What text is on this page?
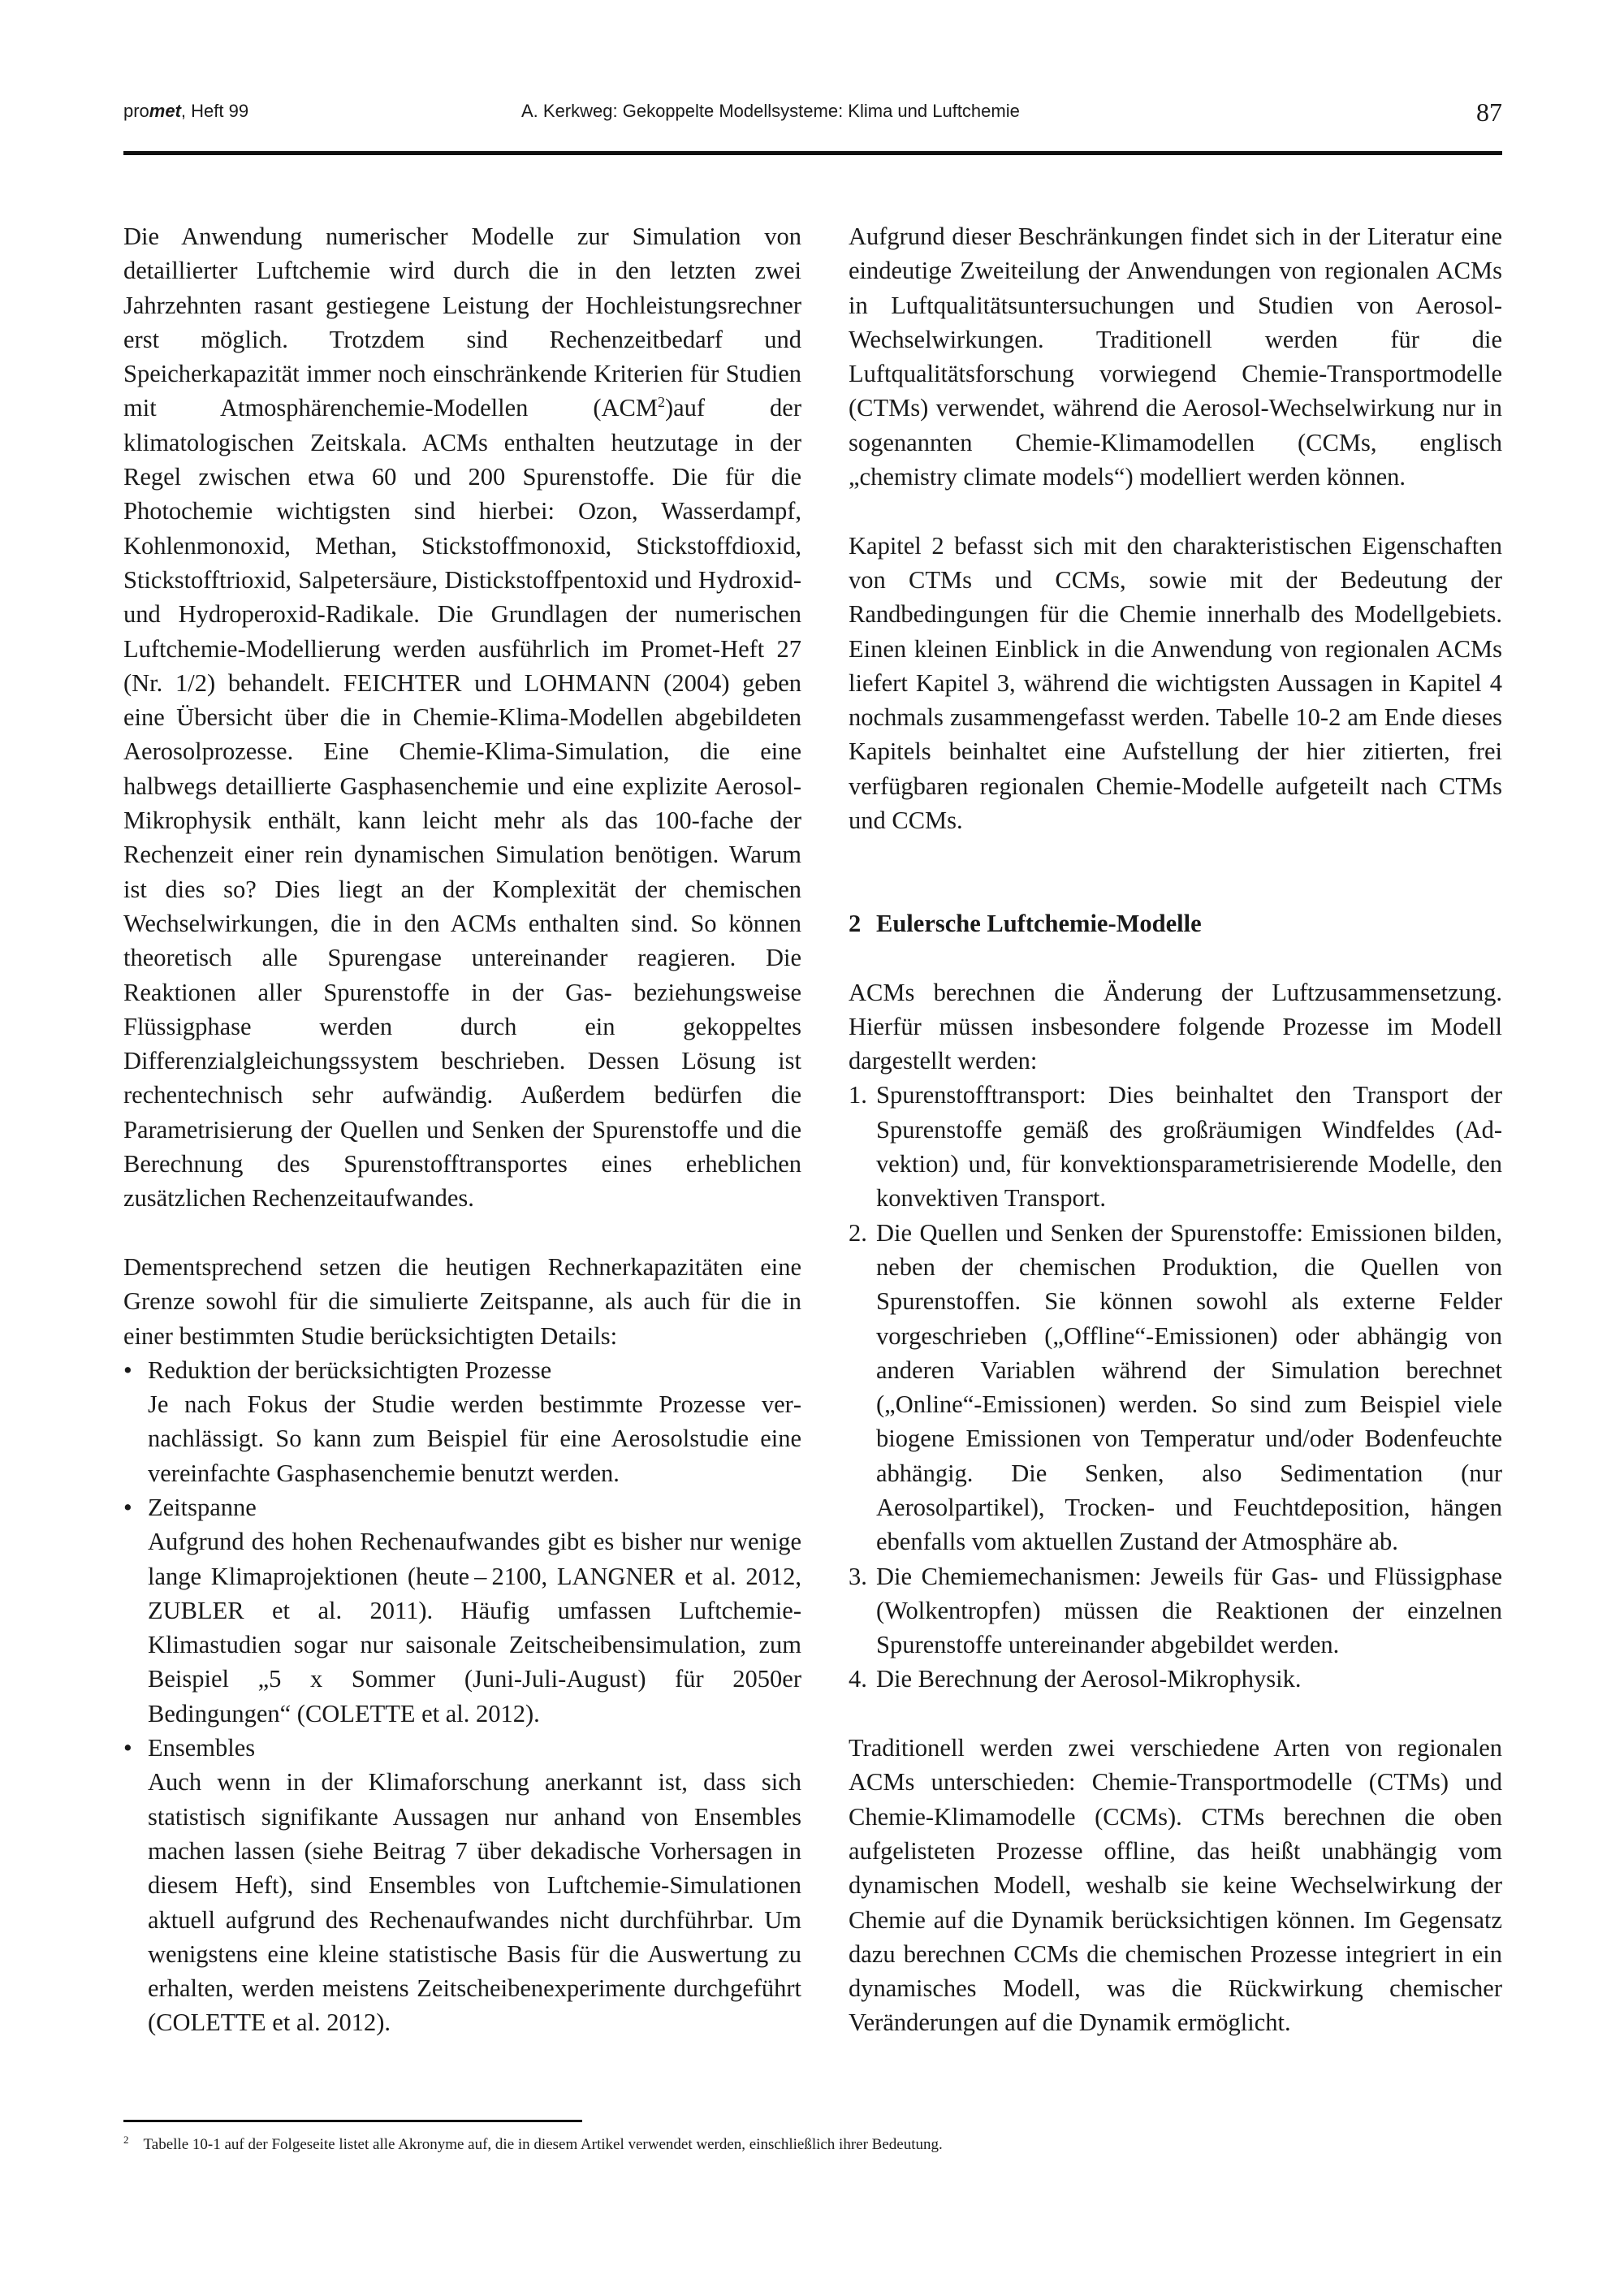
promet, Heft 99	A. Kerkweg: Gekoppelte Modellsysteme: Klima und Luftchemie	87

Die Anwendung numerischer Modelle zur Simulation von detaillierter Luftchemie wird durch die in den letzten zwei Jahrzehnten rasant gestiegene Leistung der Hochleistungsrechner erst möglich. Trotzdem sind Rechenzeitbedarf und Speicherkapazität immer noch einschränkende Kriterien für Studien mit Atmosphärenchemie-Modellen (ACM$^2$)auf der klimatologischen Zeitskala. ACMs enthalten heutzutage in der Regel zwischen etwa 60 und 200 Spurenstoffe. Die für die Photochemie wichtigsten sind hierbei: Ozon, Wasserdampf, Kohlenmonoxid, Methan, Stickstoffmonoxid, Stickstoffdioxid, Stickstofftrioxid, Salpetersäure, Distickstoffpentoxid und Hydroxid- und Hydroperoxid-Radikale. Die Grundlagen der numerischen Luftchemie-Modellierung werden ausführlich im Promet-Heft 27 (Nr. 1/2) behandelt. FEICHTER und LOHMANN (2004) geben eine Übersicht über die in Chemie-Klima-Modellen abgebildeten Aerosolprozesse. Eine Chemie-Klima-Simulation, die eine halbwegs detaillierte Gasphasenchemie und eine explizite Aerosol-Mikrophysik enthält, kann leicht mehr als das 100-fache der Rechenzeit einer rein dynamischen Simulation benötigen. Warum ist dies so? Dies liegt an der Komplexität der chemischen Wechselwirkungen, die in den ACMs enthalten sind. So können theoretisch alle Spurengase untereinander reagieren. Die Reaktionen aller Spurenstoffe in der Gas- beziehungsweise Flüssigphase werden durch ein gekoppeltes Differenzialgleichungssystem beschrieben. Dessen Lösung ist rechentechnisch sehr aufwändig. Außerdem bedürfen die Parametrisierung der Quellen und Senken der Spurenstoffe und die Berechnung des Spurenstofftransportes eines erheblichen zusätzlichen Rechenzeitaufwandes.

Dementsprechend setzen die heutigen Rechnerkapazitäten eine Grenze sowohl für die simulierte Zeitspanne, als auch für die in einer bestimmten Studie berücksichtigten Details:

• Reduktion der berücksichtigten Prozesse
Je nach Fokus der Studie werden bestimmte Prozesse vernachlässigt. So kann zum Beispiel für eine Aerosolstudie eine vereinfachte Gasphasenchemie benutzt werden.
• Zeitspanne
Aufgrund des hohen Rechenaufwandes gibt es bisher nur wenige lange Klimaprojektionen (heute – 2100, LANGNER et al. 2012, ZUBLER et al. 2011). Häufig umfassen Luftchemie-Klimastudien sogar nur saisonale Zeitscheibensimulation, zum Beispiel „5 x Sommer (Juni-Juli-August) für 2050er Bedingungen“ (COLETTE et al. 2012).
• Ensembles
Auch wenn in der Klimaforschung anerkannt ist, dass sich statistisch signifikante Aussagen nur anhand von Ensembles machen lassen (siehe Beitrag 7 über dekadische Vorhersagen in diesem Heft), sind Ensembles von Luftchemie-Simulationen aktuell aufgrund des Rechenaufwandes nicht durchführbar. Um wenigstens eine kleine statistische Basis für die Auswertung zu erhalten, werden meistens Zeitscheibenexperimente durchgeführt (COLETTE et al. 2012).

Aufgrund dieser Beschränkungen findet sich in der Literatur eine eindeutige Zweiteilung der Anwendungen von regionalen ACMs in Luftqualitätsuntersuchungen und Studien von Aerosol-Wechselwirkungen. Traditionell werden für die Luftqualitätsforschung vorwiegend Chemie-Transportmodelle (CTMs) verwendet, während die Aerosol-Wechselwirkung nur in sogenannten Chemie-Klimamodellen (CCMs, englisch „chemistry climate models“) modelliert werden können.

Kapitel 2 befasst sich mit den charakteristischen Eigenschaften von CTMs und CCMs, sowie mit der Bedeutung der Randbedingungen für die Chemie innerhalb des Modellgebiets. Einen kleinen Einblick in die Anwendung von regionalen ACMs liefert Kapitel 3, während die wichtigsten Aussagen in Kapitel 4 nochmals zusammengefasst werden. Tabelle 10-2 am Ende dieses Kapitels beinhaltet eine Aufstellung der hier zitierten, frei verfügbaren regionalen Chemie-Modelle aufgeteilt nach CTMs und CCMs.

2 Eulersche Luftchemie-Modelle

ACMs berechnen die Änderung der Luftzusammensetzung. Hierfür müssen insbesondere folgende Prozesse im Modell dargestellt werden:

1. Spurenstofftransport: Dies beinhaltet den Transport der Spurenstoffe gemäß des großräumigen Windfeldes (Advektion) und, für konvektionsparametrisierende Modelle, den konvektiven Transport.
2. Die Quellen und Senken der Spurenstoffe: Emissionen bilden, neben der chemischen Produktion, die Quellen von Spurenstoffen. Sie können sowohl als externe Felder vorgeschrieben („Offline“-Emissionen) oder abhängig von anderen Variablen während der Simulation berechnet („Online“-Emissionen) werden. So sind zum Beispiel viele biogene Emissionen von Temperatur und/oder Bodenfeuchte abhängig. Die Senken, also Sedimentation (nur Aerosolpartikel), Trocken- und Feuchtdeposition, hängen ebenfalls vom aktuellen Zustand der Atmosphäre ab.
3. Die Chemiemechanismen: Jeweils für Gas- und Flüssigphase (Wolkentropfen) müssen die Reaktionen der einzelnen Spurenstoffe untereinander abgebildet werden.
4. Die Berechnung der Aerosol-Mikrophysik.

Traditionell werden zwei verschiedene Arten von regionalen ACMs unterschieden: Chemie-Transportmodelle (CTMs) und Chemie-Klimamodelle (CCMs). CTMs berechnen die oben aufgelisteten Prozesse offline, das heißt unabhängig vom dynamischen Modell, weshalb sie keine Wechselwirkung der Chemie auf die Dynamik berücksichtigen können. Im Gegensatz dazu berechnen CCMs die chemischen Prozesse integriert in ein dynamisches Modell, was die Rückwirkung chemischer Veränderungen auf die Dynamik ermöglicht.

$^2$ Tabelle 10-1 auf der Folgeseite listet alle Akronyme auf, die in diesem Artikel verwendet werden, einschließlich ihrer Bedeutung.
